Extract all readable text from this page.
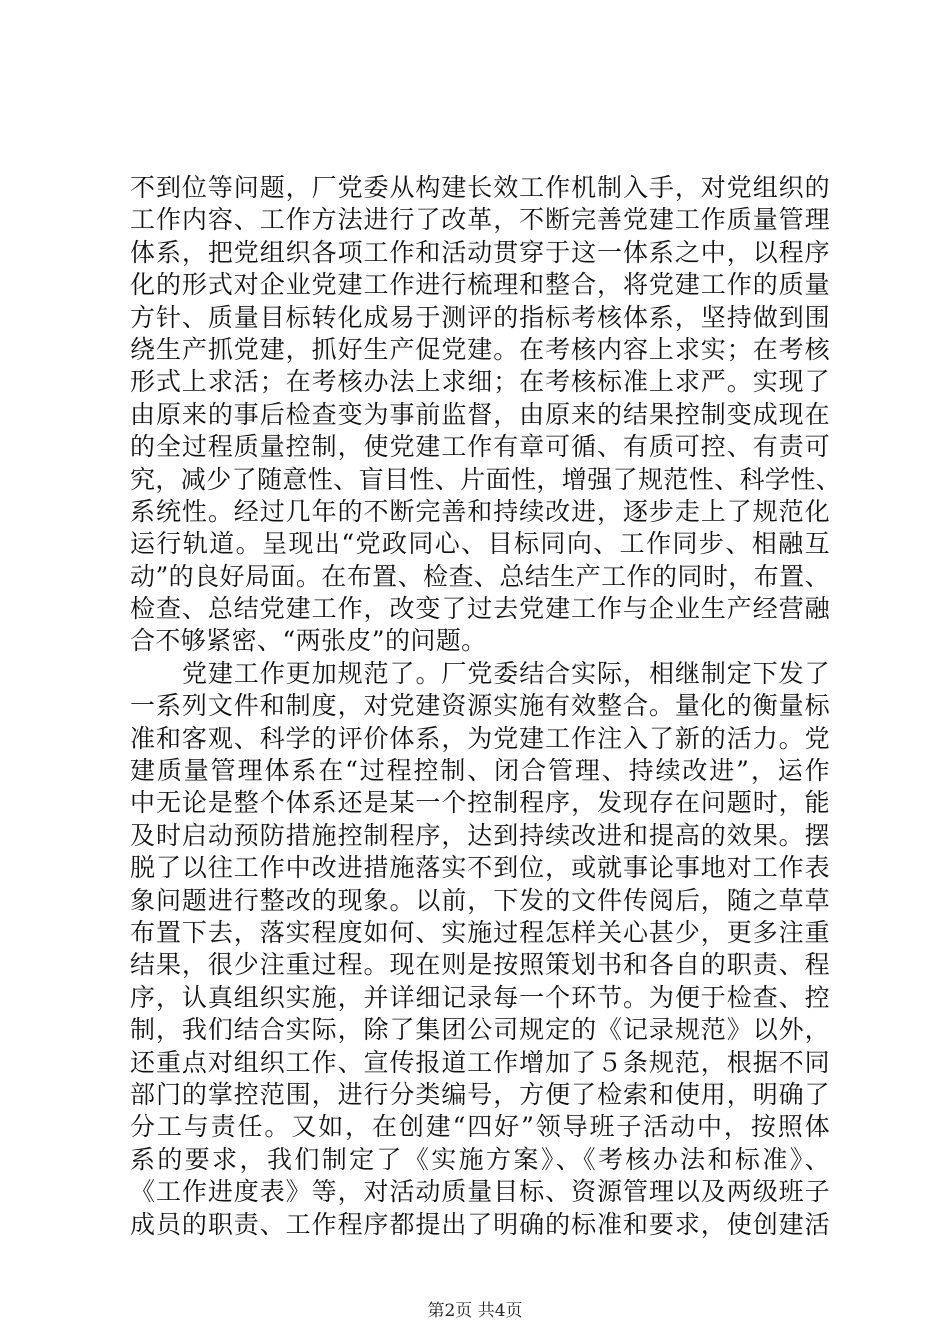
不到位等问题，厂党委从构建长效工作机制入手，对党组织的
工作内容、工作方法进行了改革，不断完善党建工作质量管理
体系，把党组织各项工作和活动贯穿于这一体系之中，以程序
化的形式对企业党建工作进行梳理和整合，将党建工作的质量
方针、质量目标转化成易于测评的指标考核体系，坚持做到围
绕生产抓党建，抓好生产促党建。在考核内容上求实；在考核
形式上求活；在考核办法上求细；在考核标准上求严。实现了
由原来的事后检查变为事前监督，由原来的结果控制变成现在
的全过程质量控制，使党建工作有章可循、有质可控、有责可
究，减少了随意性、盲目性、片面性，增强了规范性、科学性、
系统性。经过几年的不断完善和持续改进，逐步走上了规范化
运行轨道。呈现出“党政同心、目标同向、工作同步、相融互
动”的良好局面。在布置、检查、总结生产工作的同时，布置、
检查、总结党建工作，改变了过去党建工作与企业生产经营融
合不够紧密、“两张皮”的问题。
党建工作更加规范了。厂党委结合实际，相继制定下发了
一系列文件和制度，对党建资源实施有效整合。量化的衡量标
准和客观、科学的评价体系，为党建工作注入了新的活力。党
建质量管理体系在“过程控制、闭合管理、持续改进”，运作
中无论是整个体系还是某一个控制程序，发现存在问题时，能
及时启动预防措施控制程序，达到持续改进和提高的效果。摆
脱了以往工作中改进措施落实不到位，或就事论事地对工作表
象问题进行整改的现象。以前，下发的文件传阅后，随之草草
布置下去，落实程度如何、实施过程怎样关心甚少，更多注重
结果，很少注重过程。现在则是按照策划书和各自的职责、程
序，认真组织实施，并详细记录每一个环节。为便于检查、控
制，我们结合实际，除了集团公司规定的《记录规范》以外，
还重点对组织工作、宣传报道工作增加了５条规范，根据不同
部门的掌控范围，进行分类编号，方便了检索和使用，明确了
分工与责任。又如，在创建“四好”领导班子活动中，按照体
系的要求，我们制定了《实施方案》、《考核办法和标准》、
《工作进度表》等，对活动质量目标、资源管理以及两级班子
成员的职责、工作程序都提出了明确的标准和要求，使创建活
第2页 共4页
